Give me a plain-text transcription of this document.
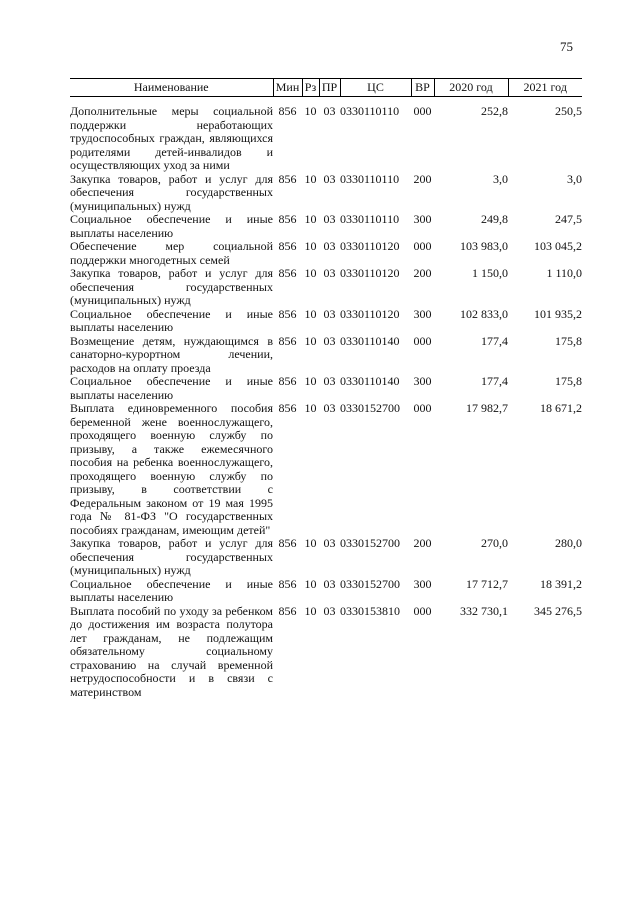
75
Наименование	Мин	Рз	ПР	ЦС	ВР	2020 год	2021 год

Дополнительные меры социальной поддержки неработающих трудоспособных граждан, являющихся родителями детей-инвалидов и осуществляющих уход за ними	856	10	03	0330110110	000	252,8	250,5
Закупка товаров, работ и услуг для обеспечения государственных (муниципальных) нужд	856	10	03	0330110110	200	3,0	3,0
Социальное обеспечение и иные выплаты населению	856	10	03	0330110110	300	249,8	247,5
Обеспечение мер социальной поддержки многодетных семей	856	10	03	0330110120	000	103 983,0	103 045,2
Закупка товаров, работ и услуг для обеспечения государственных (муниципальных) нужд	856	10	03	0330110120	200	1 150,0	1 110,0
Социальное обеспечение и иные выплаты населению	856	10	03	0330110120	300	102 833,0	101 935,2
Возмещение детям, нуждающимся в санаторно-курортном лечении, расходов на оплату проезда	856	10	03	0330110140	000	177,4	175,8
Социальное обеспечение и иные выплаты населению	856	10	03	0330110140	300	177,4	175,8
Выплата единовременного пособия беременной жене военнослужащего, проходящего военную службу по призыву, а также ежемесячного пособия на ребенка военнослужащего, проходящего военную службу по призыву, в соответствии с Федеральным законом от 19 мая 1995 года № 81-ФЗ "О государственных пособиях гражданам, имеющим детей"	856	10	03	0330152700	000	17 982,7	18 671,2
Закупка товаров, работ и услуг для обеспечения государственных (муниципальных) нужд	856	10	03	0330152700	200	270,0	280,0
Социальное обеспечение и иные выплаты населению	856	10	03	0330152700	300	17 712,7	18 391,2
Выплата пособий по уходу за ребенком до достижения им возраста полутора лет гражданам, не подлежащим обязательному социальному страхованию на случай временной нетрудоспособности и в связи с материнством	856	10	03	0330153810	000	332 730,1	345 276,5
